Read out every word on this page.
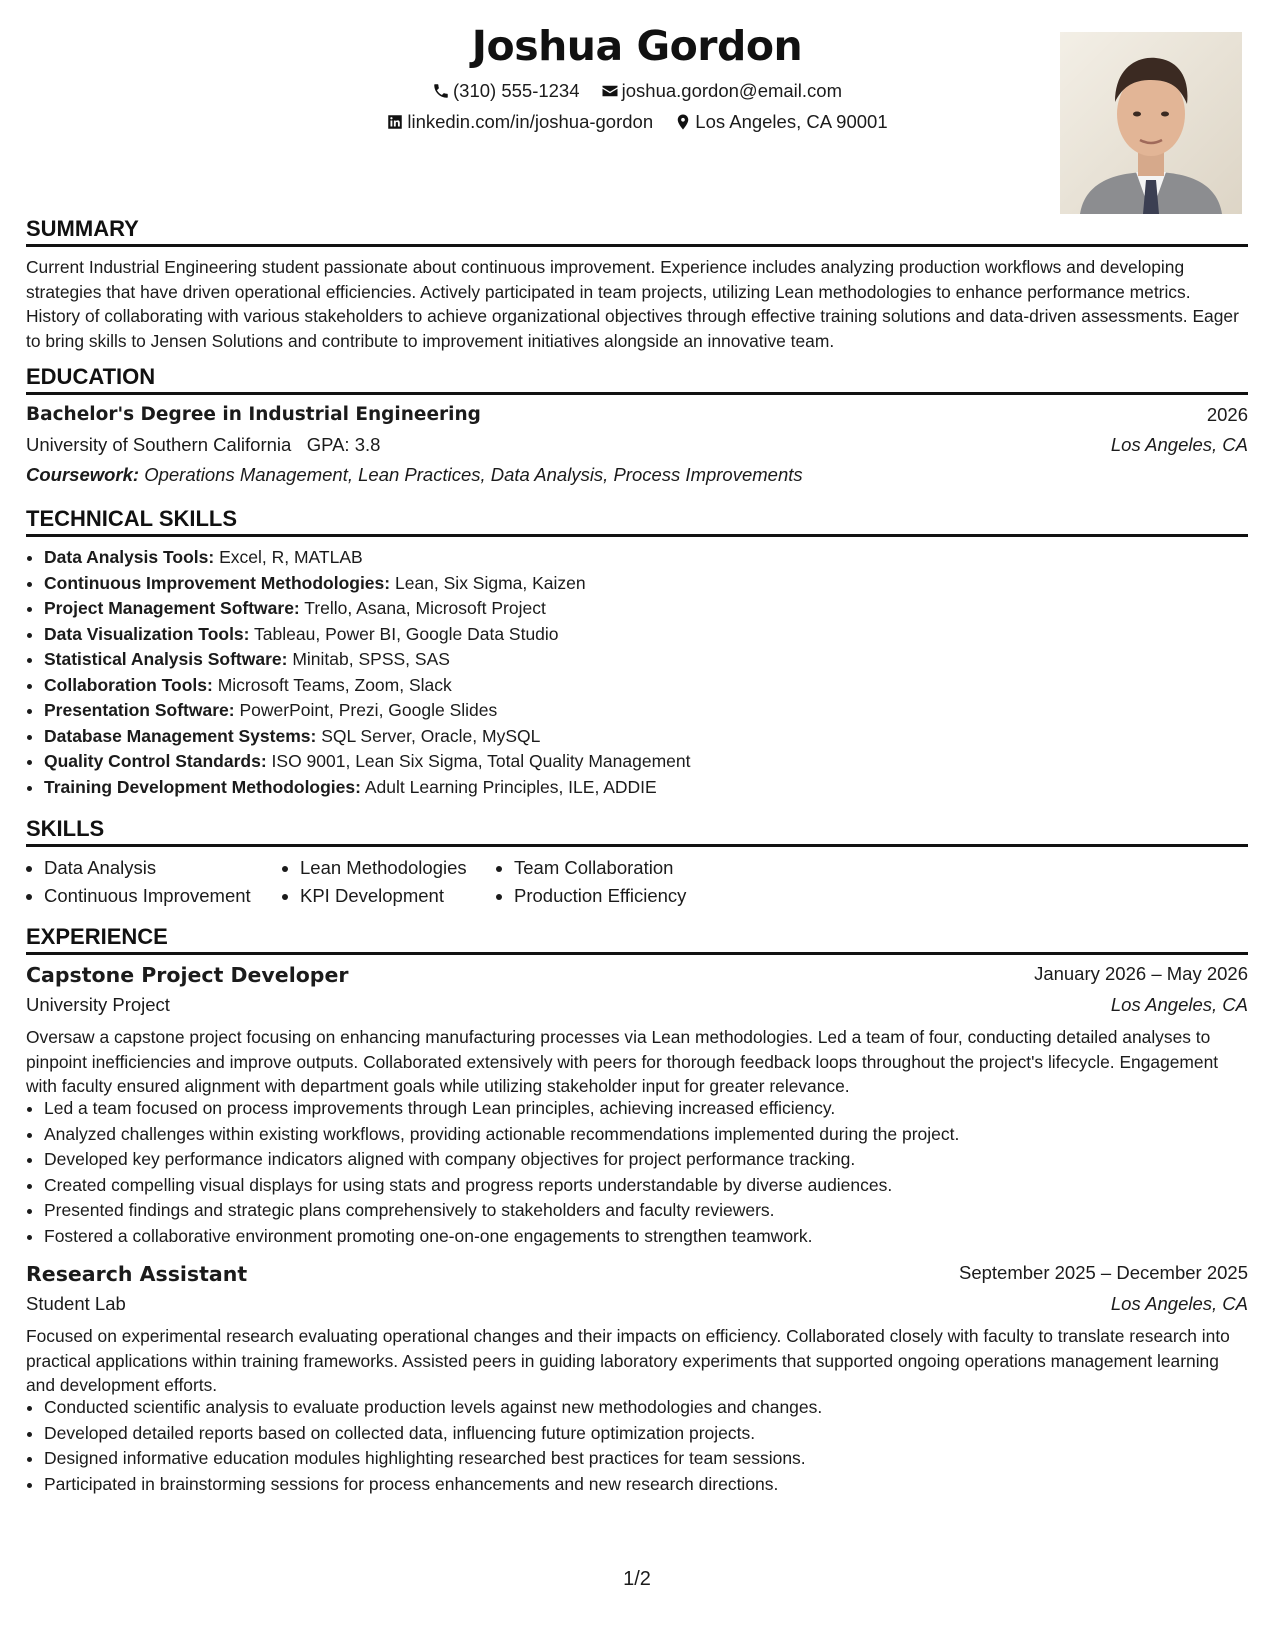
Joshua Gordon
(310) 555-1234
joshua.gordon@email.com
linkedin.com/in/joshua-gordon
Los Angeles, CA 90001
SUMMARY
Current Industrial Engineering student passionate about continuous improvement. Experience includes analyzing production workflows and developing strategies that have driven operational efficiencies. Actively participated in team projects, utilizing Lean methodologies to enhance performance metrics. History of collaborating with various stakeholders to achieve organizational objectives through effective training solutions and data-driven assessments. Eager to bring skills to Jensen Solutions and contribute to improvement initiatives alongside an innovative team.
EDUCATION
Bachelor's Degree in Industrial Engineering	2026
University of Southern California GPA: 3.8	Los Angeles, CA
Coursework:
Operations Management, Lean Practices, Data Analysis, Process Improvements
TECHNICAL SKILLS
• Data Analysis Tools: Excel, R, MATLAB
• Continuous Improvement Methodologies: Lean, Six Sigma, Kaizen
• Project Management Software: Trello, Asana, Microsoft Project
• Data Visualization Tools: Tableau, Power BI, Google Data Studio
• Statistical Analysis Software: Minitab, SPSS, SAS
• Collaboration Tools: Microsoft Teams, Zoom, Slack
• Presentation Software: PowerPoint, Prezi, Google Slides
• Database Management Systems: SQL Server, Oracle, MySQL
• Quality Control Standards: ISO 9001, Lean Six Sigma, Total Quality Management
• Training Development Methodologies: Adult Learning Principles, ILE, ADDIE
SKILLS
• Data Analysis
• Continuous Improvement
• Lean Methodologies
• KPI Development
• Team Collaboration
• Production Efficiency
EXPERIENCE
Capstone Project Developer	January 2026 – May 2026
University Project	Los Angeles, CA
Oversaw a capstone project focusing on enhancing manufacturing processes via Lean methodologies. Led a team of four, conducting detailed analyses to pinpoint inefficiencies and improve outputs. Collaborated extensively with peers for thorough feedback loops throughout the project's lifecycle. Engagement with faculty ensured alignment with department goals while utilizing stakeholder input for greater relevance.
• Led a team focused on process improvements through Lean principles, achieving increased efficiency.
• Analyzed challenges within existing workflows, providing actionable recommendations implemented during the project.
• Developed key performance indicators aligned with company objectives for project performance tracking.
• Created compelling visual displays for using stats and progress reports understandable by diverse audiences.
• Presented findings and strategic plans comprehensively to stakeholders and faculty reviewers.
• Fostered a collaborative environment promoting one-on-one engagements to strengthen teamwork.
Research Assistant	September 2025 – December 2025
Student Lab	Los Angeles, CA
Focused on experimental research evaluating operational changes and their impacts on efficiency. Collaborated closely with faculty to translate research into practical applications within training frameworks. Assisted peers in guiding laboratory experiments that supported ongoing operations management learning and development efforts.
• Conducted scientific analysis to evaluate production levels against new methodologies and changes.
• Developed detailed reports based on collected data, influencing future optimization projects.
• Designed informative education modules highlighting researched best practices for team sessions.
• Participated in brainstorming sessions for process enhancements and new research directions.
1/2
